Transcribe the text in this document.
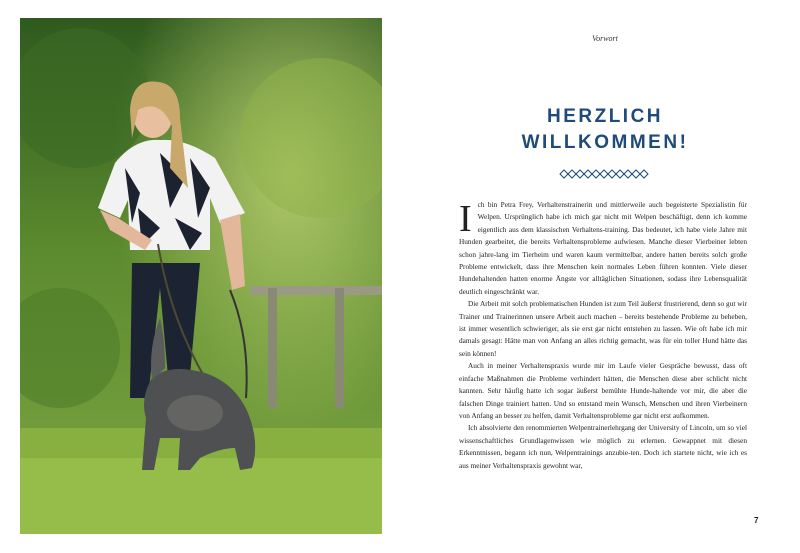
Vorwort
HERZLICH
WILLKOMMEN!

Ich bin Petra Frey, Verhaltenstrainerin und mittlerweile auch begeisterte Spezialistin für Welpen. Ursprünglich habe ich mich gar nicht mit Welpen beschäftigt, denn ich komme eigentlich aus dem klassischen Verhaltens-training. Das bedeutet, ich habe viele Jahre mit Hunden gearbeitet, die bereits Verhaltensprobleme aufwiesen. Manche dieser Vierbeiner lebten schon jahre-lang im Tierheim und waren kaum vermittelbar, andere hatten bereits solch große Probleme entwickelt, dass ihre Menschen kein normales Leben führen konnten. Viele dieser Hundehaltenden hatten enorme Ängste vor alltäglichen Situationen, sodass ihre Lebensqualität deutlich eingeschränkt war.

Die Arbeit mit solch problematischen Hunden ist zum Teil äußerst frustrierend, denn so gut wir Trainer und Trainerinnen unsere Arbeit auch machen – bereits bestehende Probleme zu beheben, ist immer wesentlich schwieriger, als sie erst gar nicht entstehen zu lassen. Wie oft habe ich mir damals gesagt: Hätte man von Anfang an alles richtig gemacht, was für ein toller Hund hätte das sein können!

Auch in meiner Verhaltenspraxis wurde mir im Laufe vieler Gespräche bewusst, dass oft einfache Maßnahmen die Probleme verhindert hätten, die Menschen diese aber schlicht nicht kannten. Sehr häufig hatte ich sogar äußerst bemühte Hunde-haltende vor mir, die aber die falschen Dinge trainiert hatten. Und so entstand mein Wunsch, Menschen und ihren Vierbeinern von Anfang an besser zu helfen, damit Verhaltensprobleme gar nicht erst aufkommen.

Ich absolvierte den renommierten Welpentrainerlehrgang der University of Lincoln, um so viel wissenschaftliches Grundlagenwissen wie möglich zu erlernen. Gewappnet mit diesen Erkenntnissen, begann ich nun, Welpentrainings anzubie-ten. Doch ich startete nicht, wie ich es aus meiner Verhaltenspraxis gewohnt war,

7
